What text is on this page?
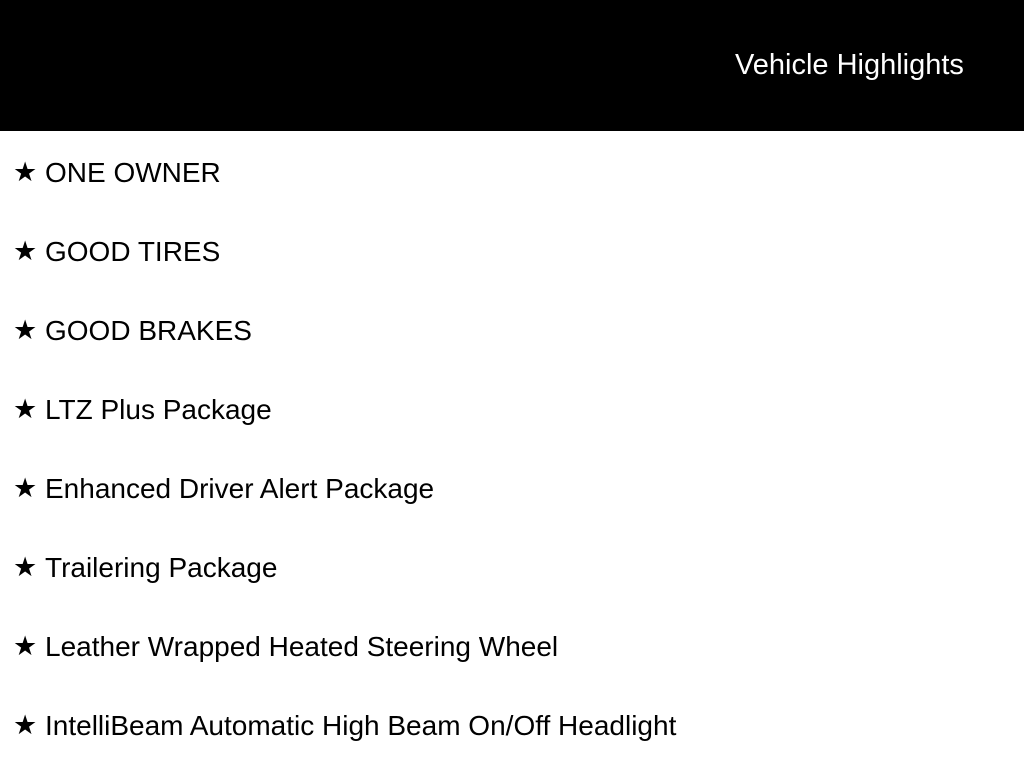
Vehicle Highlights
★ ONE OWNER
★ GOOD TIRES
★ GOOD BRAKES
★ LTZ Plus Package
★ Enhanced Driver Alert Package
★ Trailering Package
★ Leather Wrapped Heated Steering Wheel
★ IntelliBeam Automatic High Beam On/Off Headlight
